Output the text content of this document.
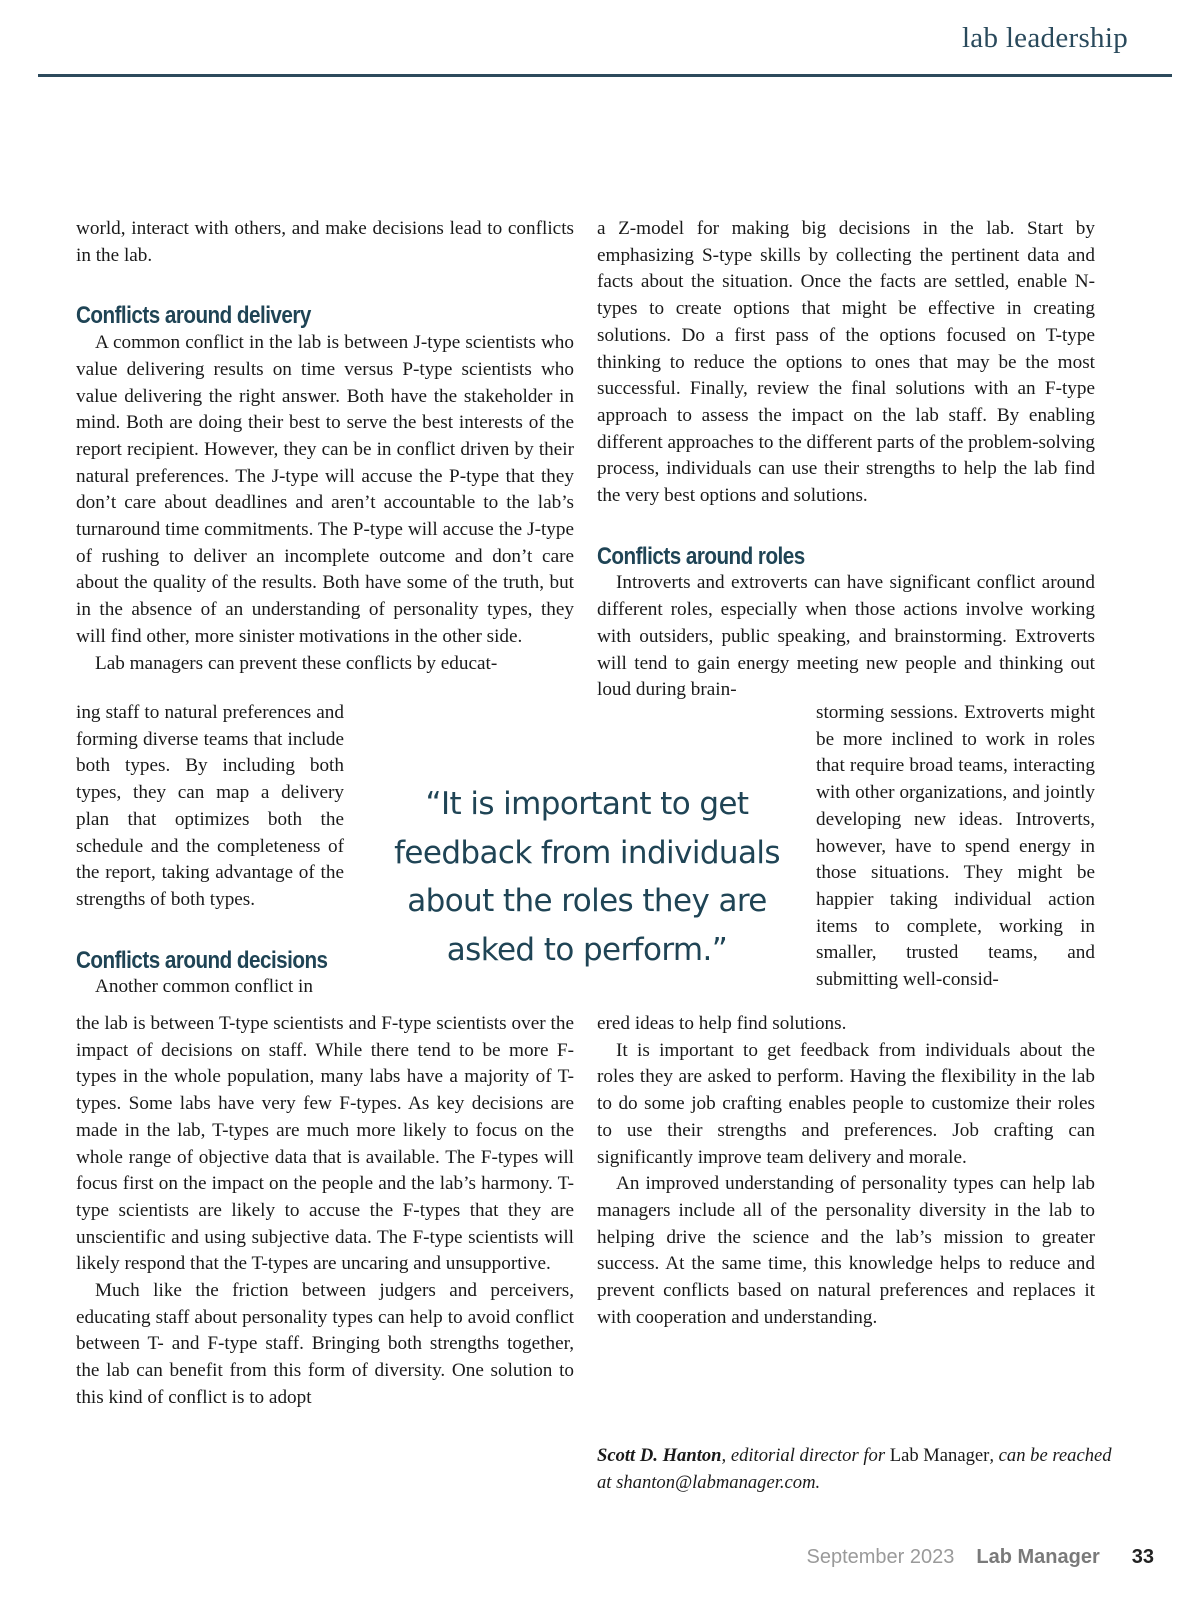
lab leadership

world, interact with others, and make decisions lead to conflicts in the lab.

Conflicts around delivery

A common conflict in the lab is between J-type scientists who value delivering results on time versus P-type scientists who value delivering the right answer. Both have the stakeholder in mind. Both are doing their best to serve the best interests of the report recipient. However, they can be in conflict driven by their natural preferences. The J-type will accuse the P-type that they don’t care about deadlines and aren’t accountable to the lab’s turnaround time commitments. The P-type will accuse the J-type of rushing to deliver an incomplete outcome and don’t care about the quality of the results. Both have some of the truth, but in the absence of an understanding of personality types, they will find other, more sinister motivations in the other side.

Lab managers can prevent these conflicts by educat-

ing staff to natural preferences and forming diverse teams that include both types. By including both types, they can map a delivery plan that optimizes both the schedule and the completeness of the report, taking advantage of the strengths of both types.

Conflicts around decisions

Another common conflict in

the lab is between T-type scientists and F-type scientists over the impact of decisions on staff. While there tend to be more F-types in the whole population, many labs have a majority of T-types. Some labs have very few F-types. As key decisions are made in the lab, T-types are much more likely to focus on the whole range of objective data that is available. The F-types will focus first on the impact on the people and the lab’s harmony. T-type scientists are likely to accuse the F-types that they are unscientific and using subjective data. The F-type scientists will likely respond that the T-types are uncaring and unsupportive.

Much like the friction between judgers and perceivers, educating staff about personality types can help to avoid conflict between T- and F-type staff. Bringing both strengths together, the lab can benefit from this form of diversity. One solution to this kind of conflict is to adopt

a Z-model for making big decisions in the lab. Start by emphasizing S-type skills by collecting the pertinent data and facts about the situation. Once the facts are settled, enable N-types to create options that might be effective in creating solutions. Do a first pass of the options focused on T-type thinking to reduce the options to ones that may be the most successful. Finally, review the final solutions with an F-type approach to assess the impact on the lab staff. By enabling different approaches to the different parts of the problem-solving process, individuals can use their strengths to help the lab find the very best options and solutions.

Conflicts around roles

Introverts and extroverts can have significant conflict around different roles, especially when those actions involve working with outsiders, public speaking, and brainstorming. Extroverts will tend to gain energy meeting new people and thinking out loud during brain-

storming sessions. Extroverts might be more inclined to work in roles that require broad teams, interacting with other organizations, and jointly developing new ideas. Introverts, however, have to spend energy in those situations. They might be happier taking individual action items to complete, working in smaller, trusted teams, and submitting well-consid-

ered ideas to help find solutions.

It is important to get feedback from individuals about the roles they are asked to perform. Having the flexibility in the lab to do some job crafting enables people to customize their roles to use their strengths and preferences. Job crafting can significantly improve team delivery and morale.

An improved understanding of personality types can help lab managers include all of the personality diversity in the lab to helping drive the science and the lab’s mission to greater success. At the same time, this knowledge helps to reduce and prevent conflicts based on natural preferences and replaces it with cooperation and understanding.

“It is important to get feedback from individuals about the roles they are asked to perform.”
Scott D. Hanton, editorial director for Lab Manager, can be reached at shanton@labmanager.com.
September 2023 Lab Manager 33
